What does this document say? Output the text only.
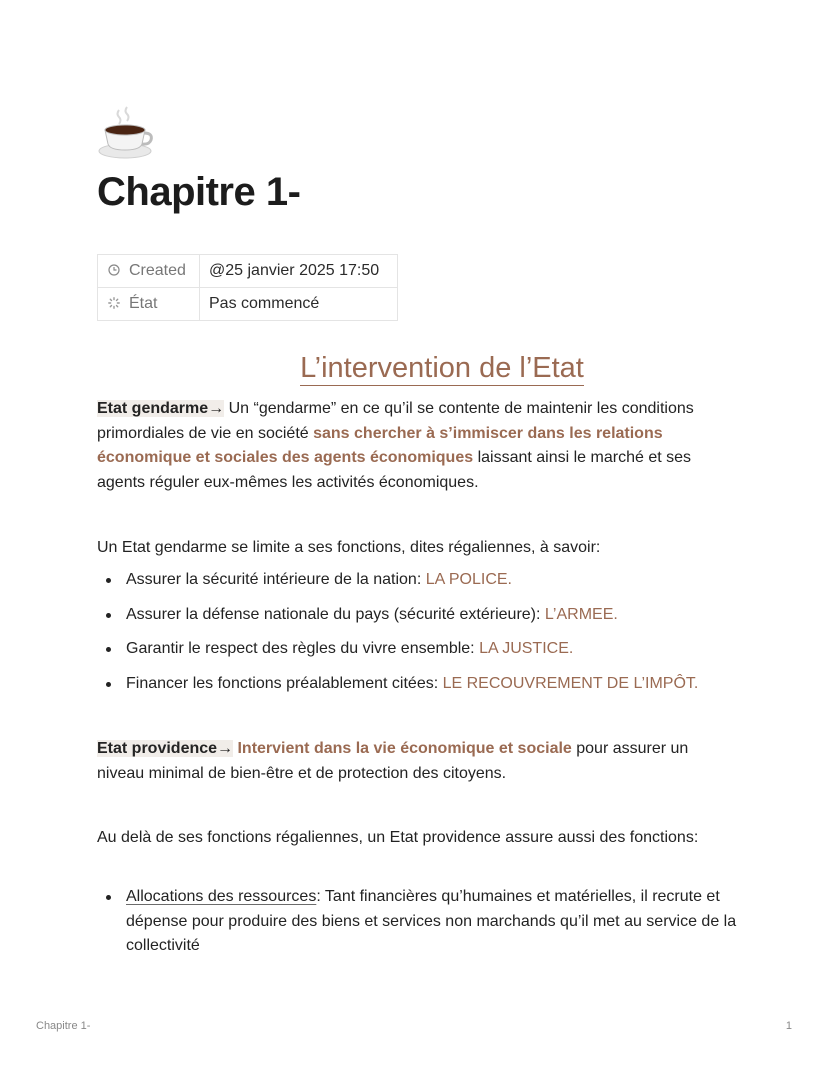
Chapitre 1-
Created	@25 janvier 2025 17:50
État	Pas commencé
L’intervention de l’Etat

Etat gendarme→ Un “gendarme” en ce qu’il se contente de maintenir les conditions primordiales de vie en société sans chercher à s’immiscer dans les relations économique et sociales des agents économiques laissant ainsi le marché et ses agents réguler eux-mêmes les activités économiques.

Un Etat gendarme se limite a ses fonctions, dites régaliennes, à savoir:

Assurer la sécurité intérieure de la nation: LA POLICE.
Assurer la défense nationale du pays (sécurité extérieure): L’ARMEE.
Garantir le respect des règles du vivre ensemble: LA JUSTICE.
Financer les fonctions préalablement citées: LE RECOUVREMENT DE L’IMPÔT.

Etat providence→ Intervient dans la vie économique et sociale pour assurer un niveau minimal de bien-être et de protection des citoyens.

Au delà de ses fonctions régaliennes, un Etat providence assure aussi des fonctions:

Allocations des ressources: Tant financières qu’humaines et matérielles, il recrute et dépense pour produire des biens et services non marchands qu’il met au service de la collectivité
Chapitre 1-	1
